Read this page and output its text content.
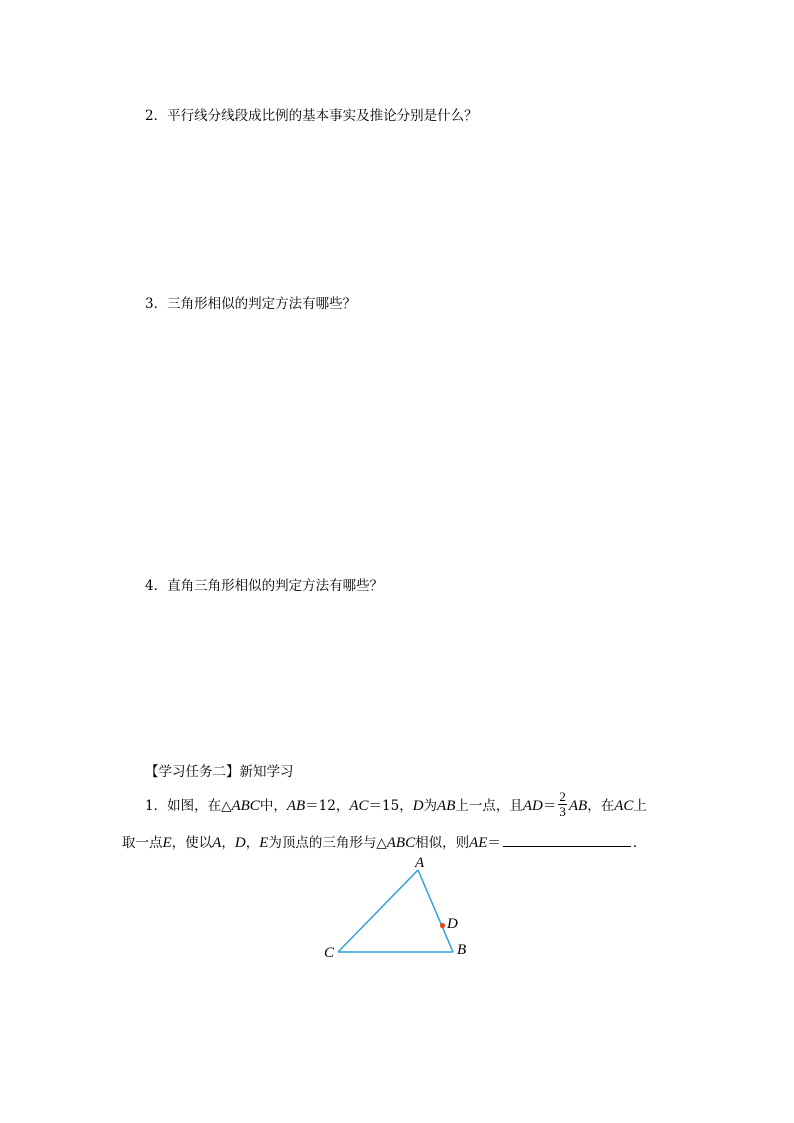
2．平行线分线段成比例的基本事实及推论分别是什么？
3．三角形相似的判定方法有哪些？
4．直角三角形相似的判定方法有哪些？
【学习任务二】新知学习
1．如图，在△ABC中，AB＝12，AC＝15，D为AB上一点，且$AD= \frac{2}{3}$ AB，在AC上
取一点E，使以A，D，E为顶点的三角形与△ABC相似，则AE＝	．
A
B
C
D
